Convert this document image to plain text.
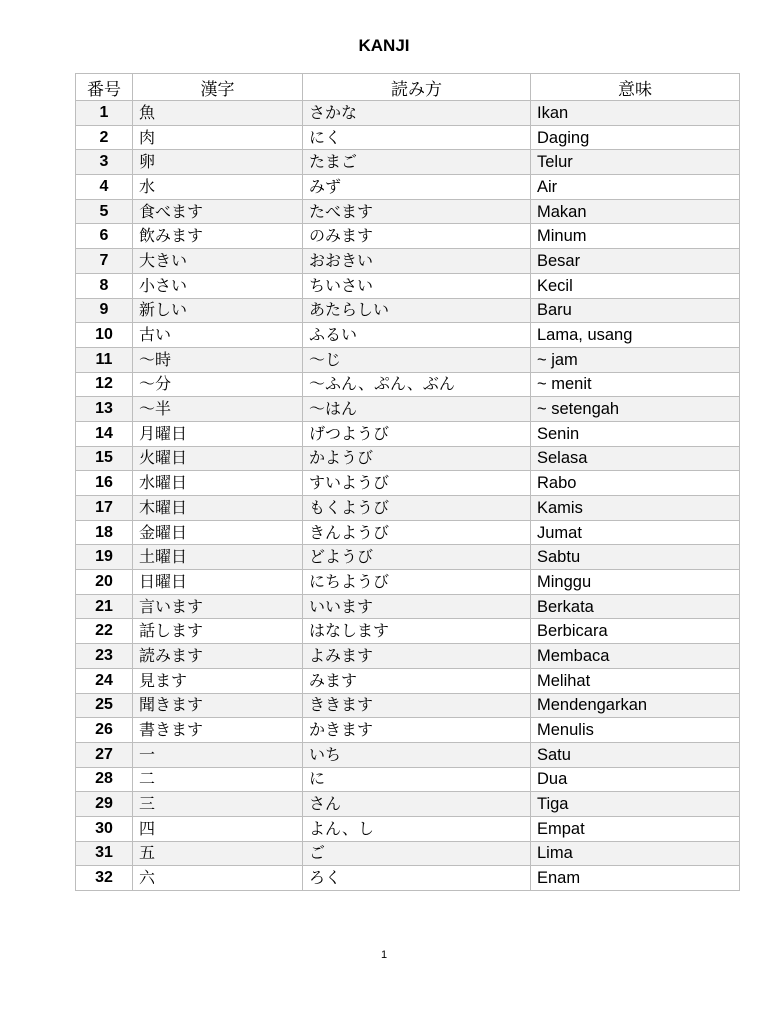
KANJI
番号	漢字	読み方	意味
1	魚	さかな	Ikan
2	肉	にく	Daging
3	卵	たまご	Telur
4	水	みず	Air
5	食べます	たべます	Makan
6	飲みます	のみます	Minum
7	大きい	おおきい	Besar
8	小さい	ちいさい	Kecil
9	新しい	あたらしい	Baru
10	古い	ふるい	Lama, usang
11	～時	～じ	~ jam
12	～分	～ふん、ぷん、ぶん	~ menit
13	～半	～はん	~ setengah
14	月曜日	げつようび	Senin
15	火曜日	かようび	Selasa
16	水曜日	すいようび	Rabo
17	木曜日	もくようび	Kamis
18	金曜日	きんようび	Jumat
19	土曜日	どようび	Sabtu
20	日曜日	にちようび	Minggu
21	言います	いいます	Berkata
22	話します	はなします	Berbicara
23	読みます	よみます	Membaca
24	見ます	みます	Melihat
25	聞きます	ききます	Mendengarkan
26	書きます	かきます	Menulis
27	一	いち	Satu
28	二	に	Dua
29	三	さん	Tiga
30	四	よん、し	Empat
31	五	ご	Lima
32	六	ろく	Enam
1
